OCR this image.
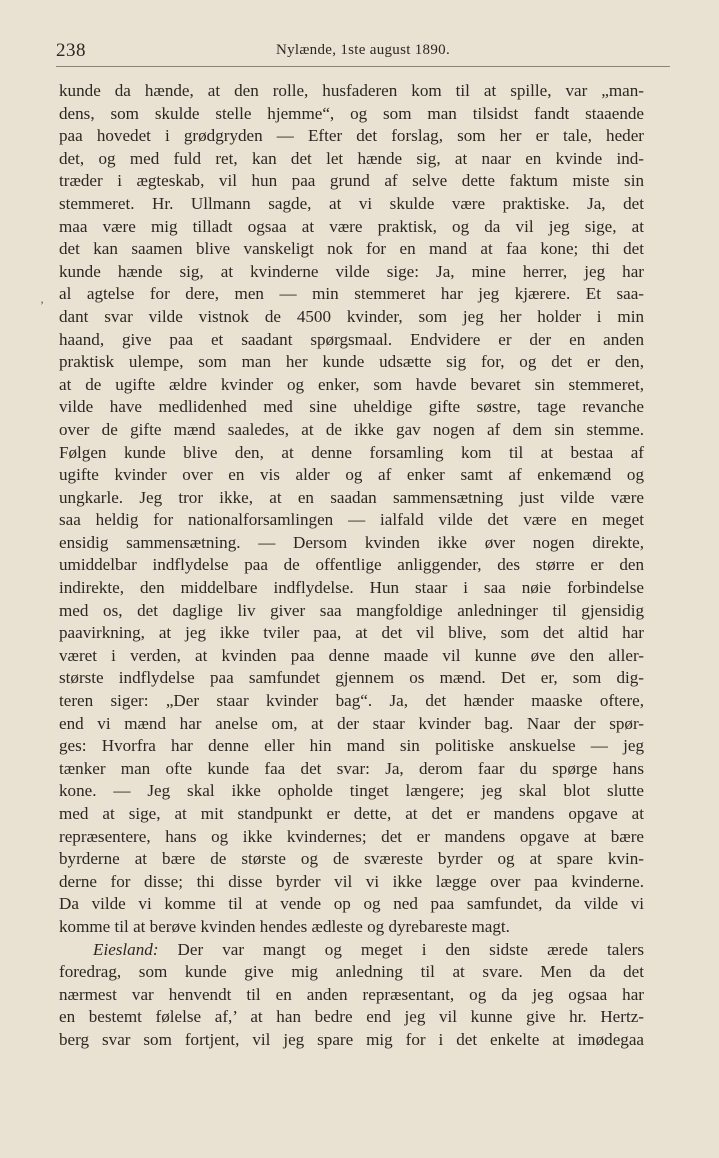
238	Nylænde, 1ste august 1890.
’
kunde da hænde, at den rolle, husfaderen kom til at spille, var „man-
dens, som skulde stelle hjemme“, og som man tilsidst fandt staaende
paa hovedet i grødgryden — Efter det forslag, som her er tale, heder
det, og med fuld ret, kan det let hænde sig, at naar en kvinde ind-
træder i ægteskab, vil hun paa grund af selve dette faktum miste sin
stemmeret. Hr. Ullmann sagde, at vi skulde være praktiske. Ja, det
maa være mig tilladt ogsaa at være praktisk, og da vil jeg sige, at
det kan saamen blive vanskeligt nok for en mand at faa kone; thi det
kunde hænde sig, at kvinderne vilde sige: Ja, mine herrer, jeg har
al agtelse for dere, men — min stemmeret har jeg kjærere. Et saa-
dant svar vilde vistnok de 4500 kvinder, som jeg her holder i min
haand, give paa et saadant spørgsmaal. Endvidere er der en anden
praktisk ulempe, som man her kunde udsætte sig for, og det er den,
at de ugifte ældre kvinder og enker, som havde bevaret sin stemmeret,
vilde have medlidenhed med sine uheldige gifte søstre, tage revanche
over de gifte mænd saaledes, at de ikke gav nogen af dem sin stemme.
Følgen kunde blive den, at denne forsamling kom til at bestaa af
ugifte kvinder over en vis alder og af enker samt af enkemænd og
ungkarle. Jeg tror ikke, at en saadan sammensætning just vilde være
saa heldig for nationalforsamlingen — ialfald vilde det være en meget
ensidig sammensætning. — Dersom kvinden ikke øver nogen direkte,
umiddelbar indflydelse paa de offentlige anliggender, des større er den
indirekte, den middelbare indflydelse. Hun staar i saa nøie forbindelse
med os, det daglige liv giver saa mangfoldige anledninger til gjensidig
paavirkning, at jeg ikke tviler paa, at det vil blive, som det altid har
været i verden, at kvinden paa denne maade vil kunne øve den aller-
største indflydelse paa samfundet gjennem os mænd. Det er, som dig-
teren siger: „Der staar kvinder bag“. Ja, det hænder maaske oftere,
end vi mænd har anelse om, at der staar kvinder bag. Naar der spør-
ges: Hvorfra har denne eller hin mand sin politiske anskuelse — jeg
tænker man ofte kunde faa det svar: Ja, derom faar du spørge hans
kone. — Jeg skal ikke opholde tinget længere; jeg skal blot slutte
med at sige, at mit standpunkt er dette, at det er mandens opgave at
repræsentere, hans og ikke kvindernes; det er mandens opgave at bære
byrderne at bære de største og de sværeste byrder og at spare kvin-
derne for disse; thi disse byrder vil vi ikke lægge over paa kvinderne.
Da vilde vi komme til at vende op og ned paa samfundet, da vilde vi
komme til at berøve kvinden hendes ædleste og dyrebareste magt.
Eiesland: Der var mangt og meget i den sidste ærede talers
foredrag, som kunde give mig anledning til at svare. Men da det
nærmest var henvendt til en anden repræsentant, og da jeg ogsaa har
en bestemt følelse af,’ at han bedre end jeg vil kunne give hr. Hertz-
berg svar som fortjent, vil jeg spare mig for i det enkelte at imødegaa
